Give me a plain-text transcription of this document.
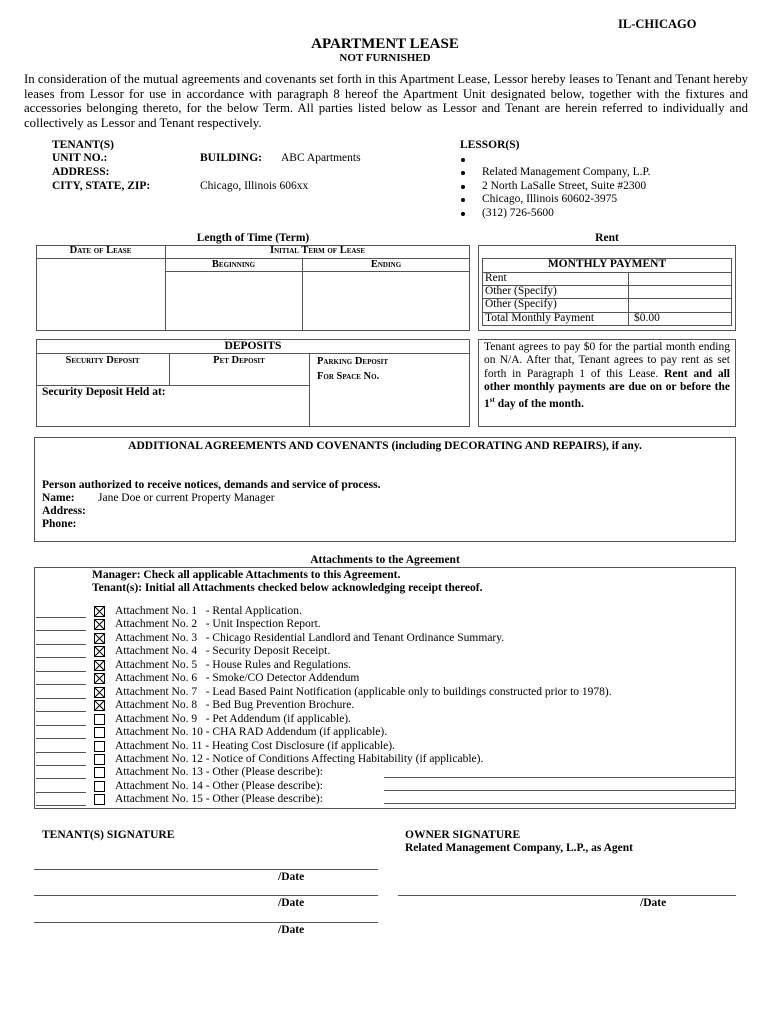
IL-CHICAGO
APARTMENT LEASE
NOT FURNISHED
In consideration of the mutual agreements and covenants set forth in this Apartment Lease, Lessor hereby leases to Tenant and Tenant hereby leases from Lessor for use in accordance with paragraph 8 hereof the Apartment Unit designated below, together with the fixtures and accessories belonging thereto, for the below Term. All parties listed below as Lessor and Tenant are herein referred to individually and collectively as Lessor and Tenant respectively.
TENANT(S)
UNIT NO.:	BUILDING: ABC Apartments
ADDRESS:
CITY, STATE, ZIP:	Chicago, Illinois 606xx
LESSOR(S)
Related Management Company, L.P.
2 North LaSalle Street, Suite #2300
Chicago, Illinois 60602-3975
(312) 726-5600
Length of Time (Term)
Date of Lease	Initial Term of Lease
Beginning	Ending
Rent
MONTHLY PAYMENT
Rent
Other (Specify)
Other (Specify)
Total Monthly Payment	$0.00
DEPOSITS
Security Deposit	Pet Deposit	Parking Deposit
For Space No.
Security Deposit Held at:
Tenant agrees to pay $0 for the partial month ending on N/A. After that, Tenant agrees to pay rent as set forth in Paragraph 1 of this Lease. Rent and all other monthly payments are due on or before the 1st day of the month.
ADDITIONAL AGREEMENTS AND COVENANTS (including DECORATING AND REPAIRS), if any.
Person authorized to receive notices, demands and service of process.
Name: Jane Doe or current Property Manager
Address:
Phone:
Attachments to the Agreement
Manager: Check all applicable Attachments to this Agreement.
Tenant(s): Initial all Attachments checked below acknowledging receipt thereof.
Attachment No. 1   - Rental Application.
Attachment No. 2   - Unit Inspection Report.
Attachment No. 3   - Chicago Residential Landlord and Tenant Ordinance Summary.
Attachment No. 4   - Security Deposit Receipt.
Attachment No. 5   - House Rules and Regulations.
Attachment No. 6   - Smoke/CO Detector Addendum
Attachment No. 7   - Lead Based Paint Notification (applicable only to buildings constructed prior to 1978).
Attachment No. 8   - Bed Bug Prevention Brochure.
Attachment No. 9   - Pet Addendum (if applicable).
Attachment No. 10 - CHA RAD Addendum (if applicable).
Attachment No. 11 - Heating Cost Disclosure (if applicable).
Attachment No. 12 - Notice of Conditions Affecting Habitability (if applicable).
Attachment No. 13 - Other (Please describe):
Attachment No. 14 - Other (Please describe):
Attachment No. 15 - Other (Please describe):
TENANT(S) SIGNATURE	OWNER SIGNATURE
Related Management Company, L.P., as Agent
/Date
/Date
/Date
/Date
